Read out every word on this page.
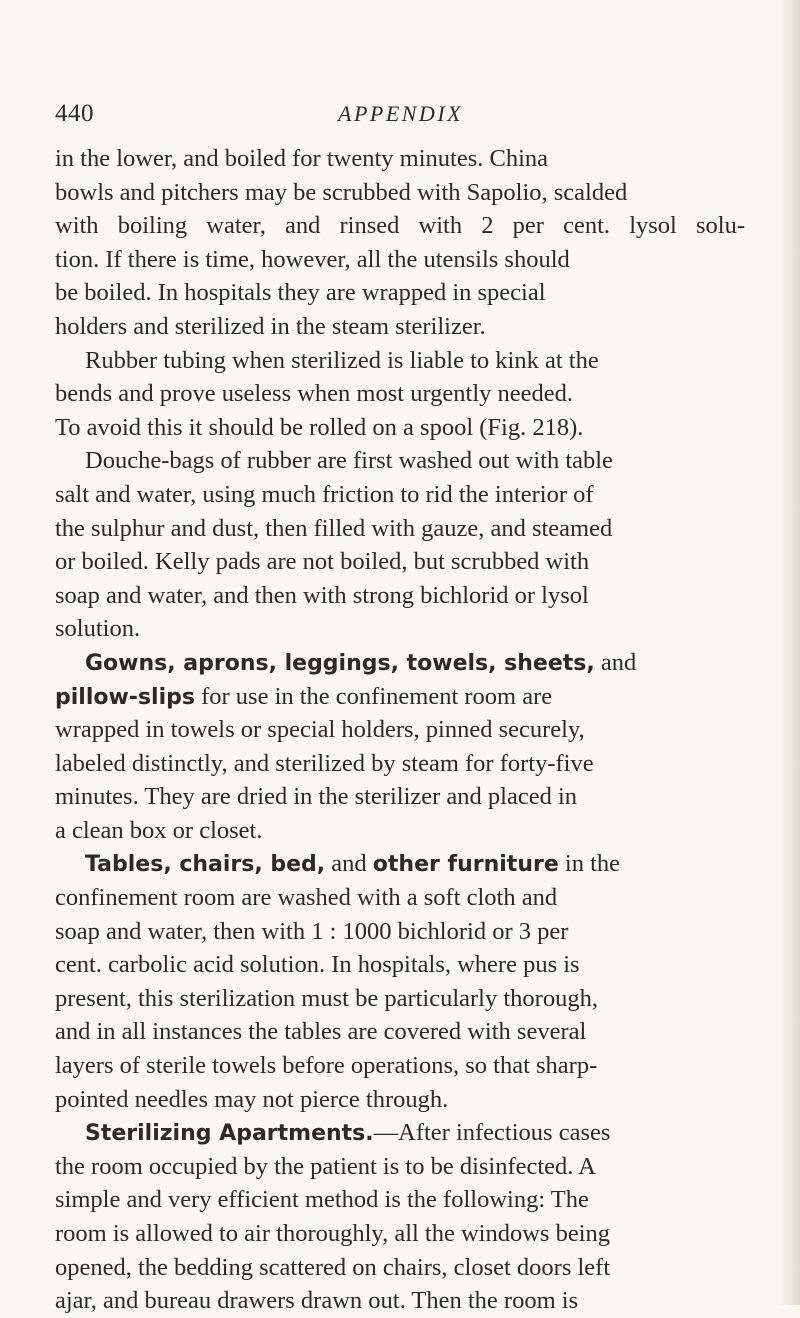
440	APPENDIX
in the lower, and boiled for twenty minutes. China
bowls and pitchers may be scrubbed with Sapolio, scalded
with boiling water, and rinsed with 2 per cent. lysol solu-
tion. If there is time, however, all the utensils should
be boiled. In hospitals they are wrapped in special
holders and sterilized in the steam sterilizer.
Rubber tubing when sterilized is liable to kink at the
bends and prove useless when most urgently needed.
To avoid this it should be rolled on a spool (Fig. 218).
Douche-bags of rubber are first washed out with table
salt and water, using much friction to rid the interior of
the sulphur and dust, then filled with gauze, and steamed
or boiled. Kelly pads are not boiled, but scrubbed with
soap and water, and then with strong bichlorid or lysol
solution.
Gowns, aprons, leggings, towels, sheets, and
pillow-slips for use in the confinement room are
wrapped in towels or special holders, pinned securely,
labeled distinctly, and sterilized by steam for forty-five
minutes. They are dried in the sterilizer and placed in
a clean box or closet.
Tables, chairs, bed, and other furniture in the
confinement room are washed with a soft cloth and
soap and water, then with 1 : 1000 bichlorid or 3 per
cent. carbolic acid solution. In hospitals, where pus is
present, this sterilization must be particularly thorough,
and in all instances the tables are covered with several
layers of sterile towels before operations, so that sharp-
pointed needles may not pierce through.
Sterilizing Apartments.—After infectious cases
the room occupied by the patient is to be disinfected. A
simple and very efficient method is the following: The
room is allowed to air thoroughly, all the windows being
opened, the bedding scattered on chairs, closet doors left
ajar, and bureau drawers drawn out. Then the room is
